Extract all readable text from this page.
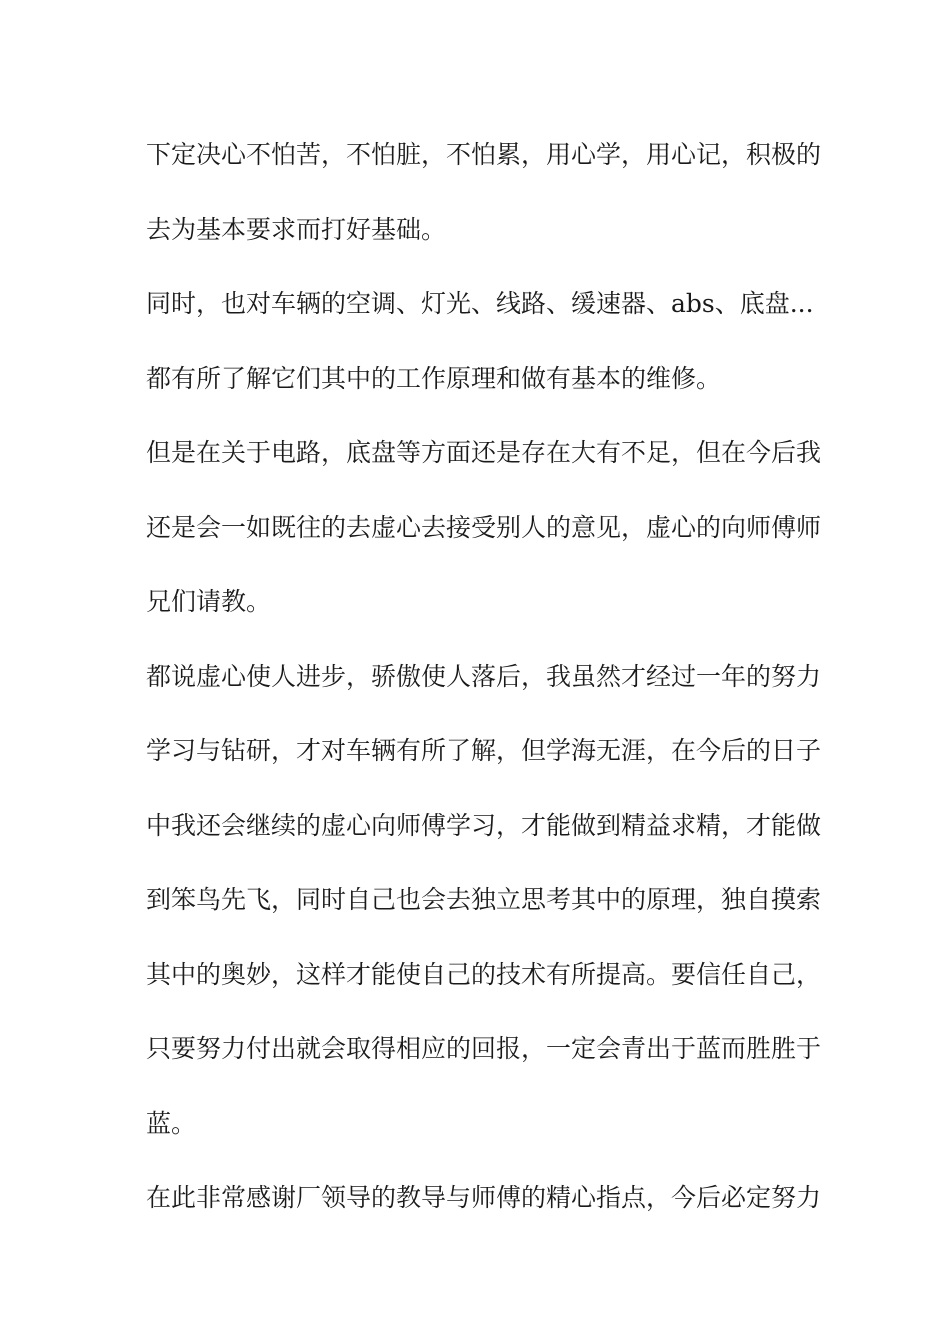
下定决心不怕苦，不怕脏，不怕累，用心学，用心记，积极的
去为基本要求而打好基础。
同时，也对车辆的空调、灯光、线路、缓速器、abs、底盘...
都有所了解它们其中的工作原理和做有基本的维修。
但是在关于电路，底盘等方面还是存在大有不足，但在今后我
还是会一如既往的去虚心去接受别人的意见，虚心的向师傅师
兄们请教。
都说虚心使人进步，骄傲使人落后，我虽然才经过一年的努力
学习与钻研，才对车辆有所了解，但学海无涯，在今后的日子
中我还会继续的虚心向师傅学习，才能做到精益求精，才能做
到笨鸟先飞，同时自己也会去独立思考其中的原理，独自摸索
其中的奥妙，这样才能使自己的技术有所提高。要信任自己，
只要努力付出就会取得相应的回报，一定会青出于蓝而胜胜于
蓝。
在此非常感谢厂领导的教导与师傅的精心指点，今后必定努力
